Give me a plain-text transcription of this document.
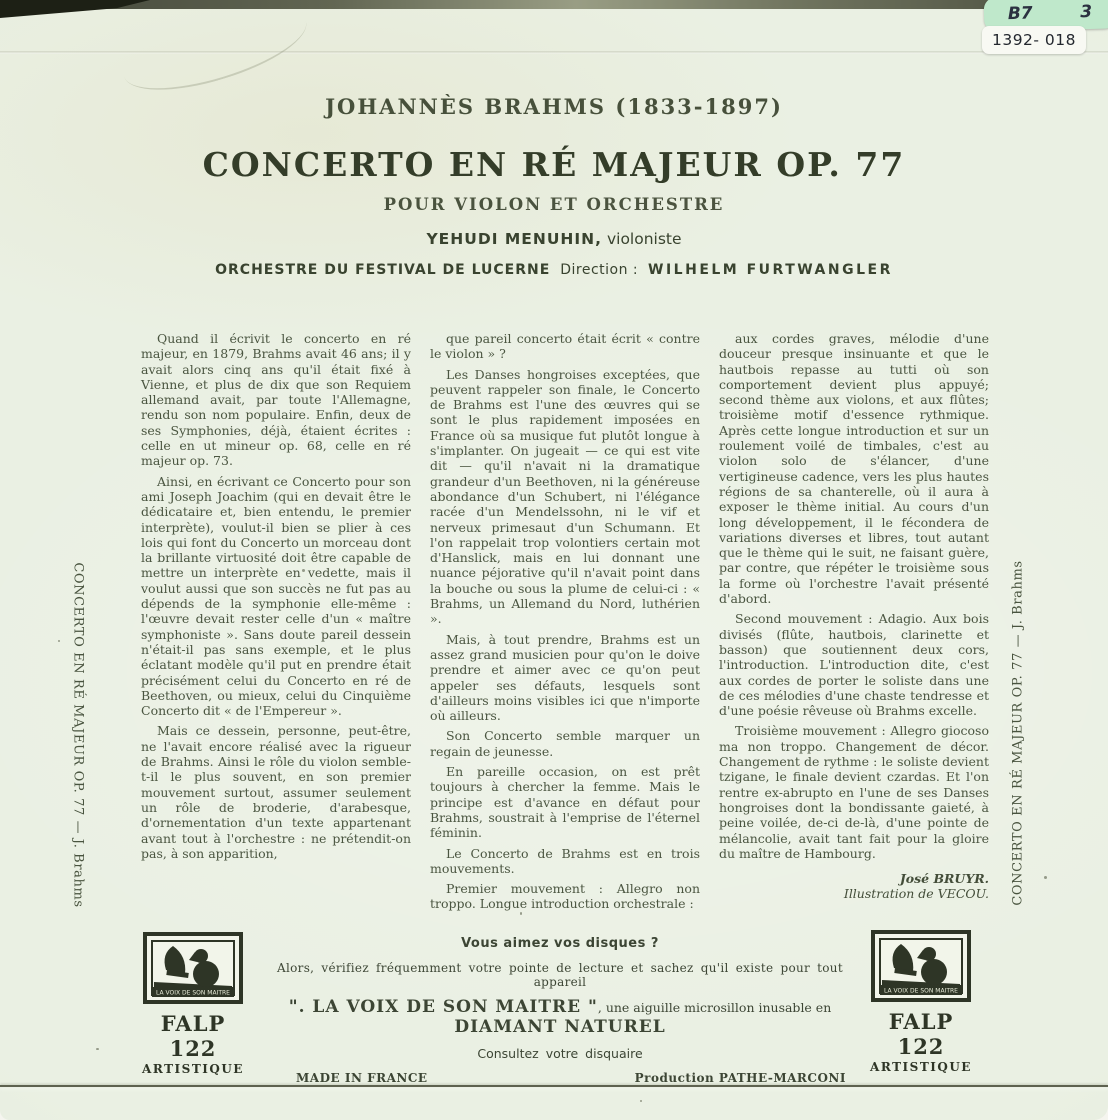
B7	3
1392- 018
JOHANNÈS BRAHMS (1833-1897)
CONCERTO EN RÉ MAJEUR OP. 77
POUR VIOLON ET ORCHESTRE
YEHUDI MENUHIN, violoniste
ORCHESTRE DU FESTIVAL DE LUCERNE  Direction :  WILHELM FURTWANGLER

Quand il écrivit le concerto en ré majeur, en 1879, Brahms avait 46 ans; il y avait alors cinq ans qu'il était fixé à Vienne, et plus de dix que son Requiem allemand avait, par toute l'Allemagne, rendu son nom populaire. Enfin, deux de ses Symphonies, déjà, étaient écrites : celle en ut mineur op. 68, celle en ré majeur op. 73.

Ainsi, en écrivant ce Concerto pour son ami Joseph Joachim (qui en devait être le dédicataire et, bien entendu, le premier interprète), voulut-il bien se plier à ces lois qui font du Concerto un morceau dont la brillante virtuosité doit être capable de mettre un interprète en vedette, mais il voulut aussi que son succès ne fut pas au dépends de la symphonie elle-même : l'œuvre devait rester celle d'un « maître symphoniste ». Sans doute pareil dessein n'était-il pas sans exemple, et le plus éclatant modèle qu'il put en prendre était précisément celui du Concerto en ré de Beethoven, ou mieux, celui du Cinquième Concerto dit « de l'Empereur ».

Mais ce dessein, personne, peut-être, ne l'avait encore réalisé avec la rigueur de Brahms. Ainsi le rôle du violon semble-t-il le plus souvent, en son premier mouvement surtout, assumer seulement un rôle de broderie, d'arabesque, d'ornementation d'un texte appartenant avant tout à l'orchestre : ne prétendit-on pas, à son apparition,

que pareil concerto était écrit « contre le violon » ?

Les Danses hongroises exceptées, que peuvent rappeler son finale, le Concerto de Brahms est l'une des œuvres qui se sont le plus rapidement imposées en France où sa musique fut plutôt longue à s'implanter. On jugeait — ce qui est vite dit — qu'il n'avait ni la dramatique grandeur d'un Beethoven, ni la généreuse abondance d'un Schubert, ni l'élégance racée d'un Mendelssohn, ni le vif et nerveux primesaut d'un Schumann. Et l'on rappelait trop volontiers certain mot d'Hanslick, mais en lui donnant une nuance péjorative qu'il n'avait point dans la bouche ou sous la plume de celui-ci : « Brahms, un Allemand du Nord, luthérien ».

Mais, à tout prendre, Brahms est un assez grand musicien pour qu'on le doive prendre et aimer avec ce qu'on peut appeler ses défauts, lesquels sont d'ailleurs moins visibles ici que n'importe où ailleurs.

Son Concerto semble marquer un regain de jeunesse.

En pareille occasion, on est prêt toujours à chercher la femme. Mais le principe est d'avance en défaut pour Brahms, soustrait à l'emprise de l'éternel féminin.

Le Concerto de Brahms est en trois mouvements.

Premier mouvement : Allegro non troppo. Longue introduction orchestrale :

aux cordes graves, mélodie d'une douceur presque insinuante et que le hautbois repasse au tutti où son comportement devient plus appuyé; second thème aux violons, et aux flûtes; troisième motif d'essence rythmique. Après cette longue introduction et sur un roulement voilé de timbales, c'est au violon solo de s'élancer, d'une vertigineuse cadence, vers les plus hautes régions de sa chanterelle, où il aura à exposer le thème initial. Au cours d'un long développement, il le fécondera de variations diverses et libres, tout autant que le thème qui le suit, ne faisant guère, par contre, que répéter le troisième sous la forme où l'orchestre l'avait présenté d'abord.

Second mouvement : Adagio. Aux bois divisés (flûte, hautbois, clarinette et basson) que soutiennent deux cors, l'introduction. L'introduction dite, c'est aux cordes de porter le soliste dans une de ces mélodies d'une chaste tendresse et d'une poésie rêveuse où Brahms excelle.

Troisième mouvement : Allegro giocoso ma non troppo. Changement de décor. Changement de rythme : le soliste devient tzigane, le finale devient czardas. Et l'on rentre ex-abrupto en l'une de ses Danses hongroises dont la bondissante gaieté, à peine voilée, de-ci de-là, d'une pointe de mélancolie, avait tant fait pour la gloire du maître de Hambourg.

José BRUYR.
Illustration de VECOU.
CONCERTO EN RÉ MAJEUR OP. 77 — J. Brahms	CONCERTO EN RÉ MAJEUR OP. 77 — J. Brahms
LA VOIX DE SON MAITRE
FALP 122
ARTISTIQUE
LA VOIX DE SON MAITRE
FALP 122
ARTISTIQUE
Vous aimez vos disques ?
Alors, vérifiez fréquemment votre pointe de lecture et sachez qu'il existe pour tout appareil
". LA VOIX DE SON MAITRE ", une aiguille microsillon inusable en DIAMANT NATUREL
Consultez votre disquaire
MADE IN FRANCE	Production PATHE-MARCONI
